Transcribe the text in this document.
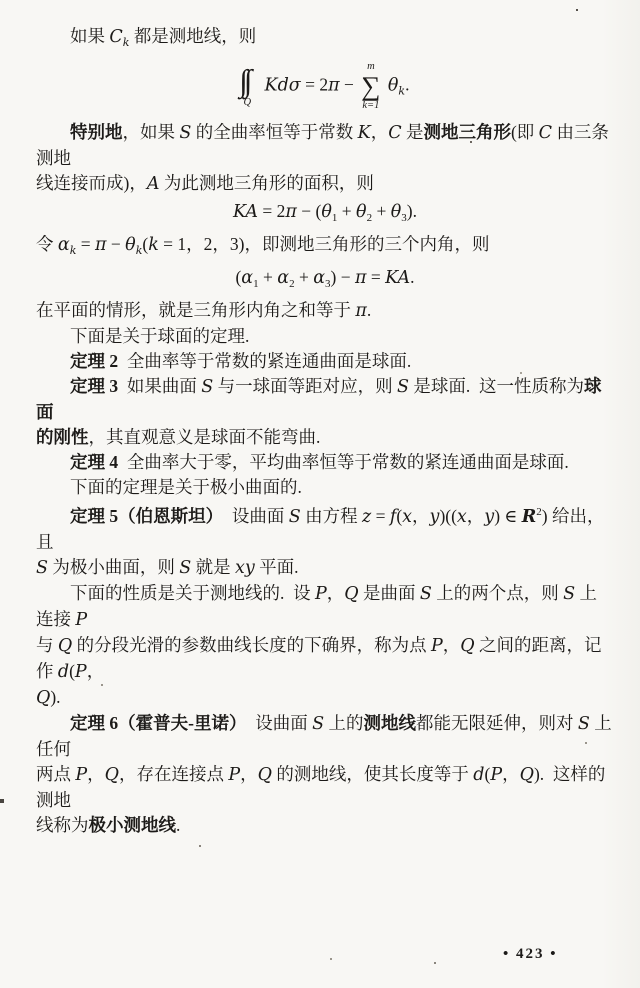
如果 $C_k$ 都是测地线，则
Q
Kdσ = 2π −
m
∑
k=1
$\theta_k$.
特别地，如果 S 的全曲率恒等于常数 K，C 是测地三角形(即 C 由三条测地
线连接而成)，A 为此测地三角形的面积，则
KA = $2\pi - (\theta_1 + \theta_2 + \theta_3)$.
令 $\alpha_k = \pi - \theta_k(k = 1$，2，3)，即测地三角形的三个内角，则
$(\alpha_1 + \alpha_2 + \alpha_3) - \pi$ = KA.
在平面的情形，就是三角形内角之和等于 π.
下面是关于球面的定理.
定理 2  全曲率等于常数的紧连通曲面是球面.
定理 3  如果曲面 S 与一球面等距对应，则 S 是球面.  这一性质称为球面
的刚性，其直观意义是球面不能弯曲.
定理 4  全曲率大于零，平均曲率恒等于常数的紧连通曲面是球面.
下面的定理是关于极小曲面的.
定理 5（伯恩斯坦）  设曲面 S 由方程 z = f(x，y)((x，y) ∈ $R^2$) 给出，且
S 为极小曲面，则 S 就是 xy 平面.
下面的性质是关于测地线的.  设 P，Q 是曲面 S 上的两个点，则 S 上连接 P
与 Q 的分段光滑的参数曲线长度的下确界，称为点 P，Q 之间的距离，记作 d(P，
Q).
定理 6（霍普夫-里诺）  设曲面 S 上的测地线都能无限延伸，则对 S 上任何
两点 P，Q，存在连接点 P，Q 的测地线，使其长度等于 d(P，Q).  这样的测地
线称为极小测地线.
• 423 •
